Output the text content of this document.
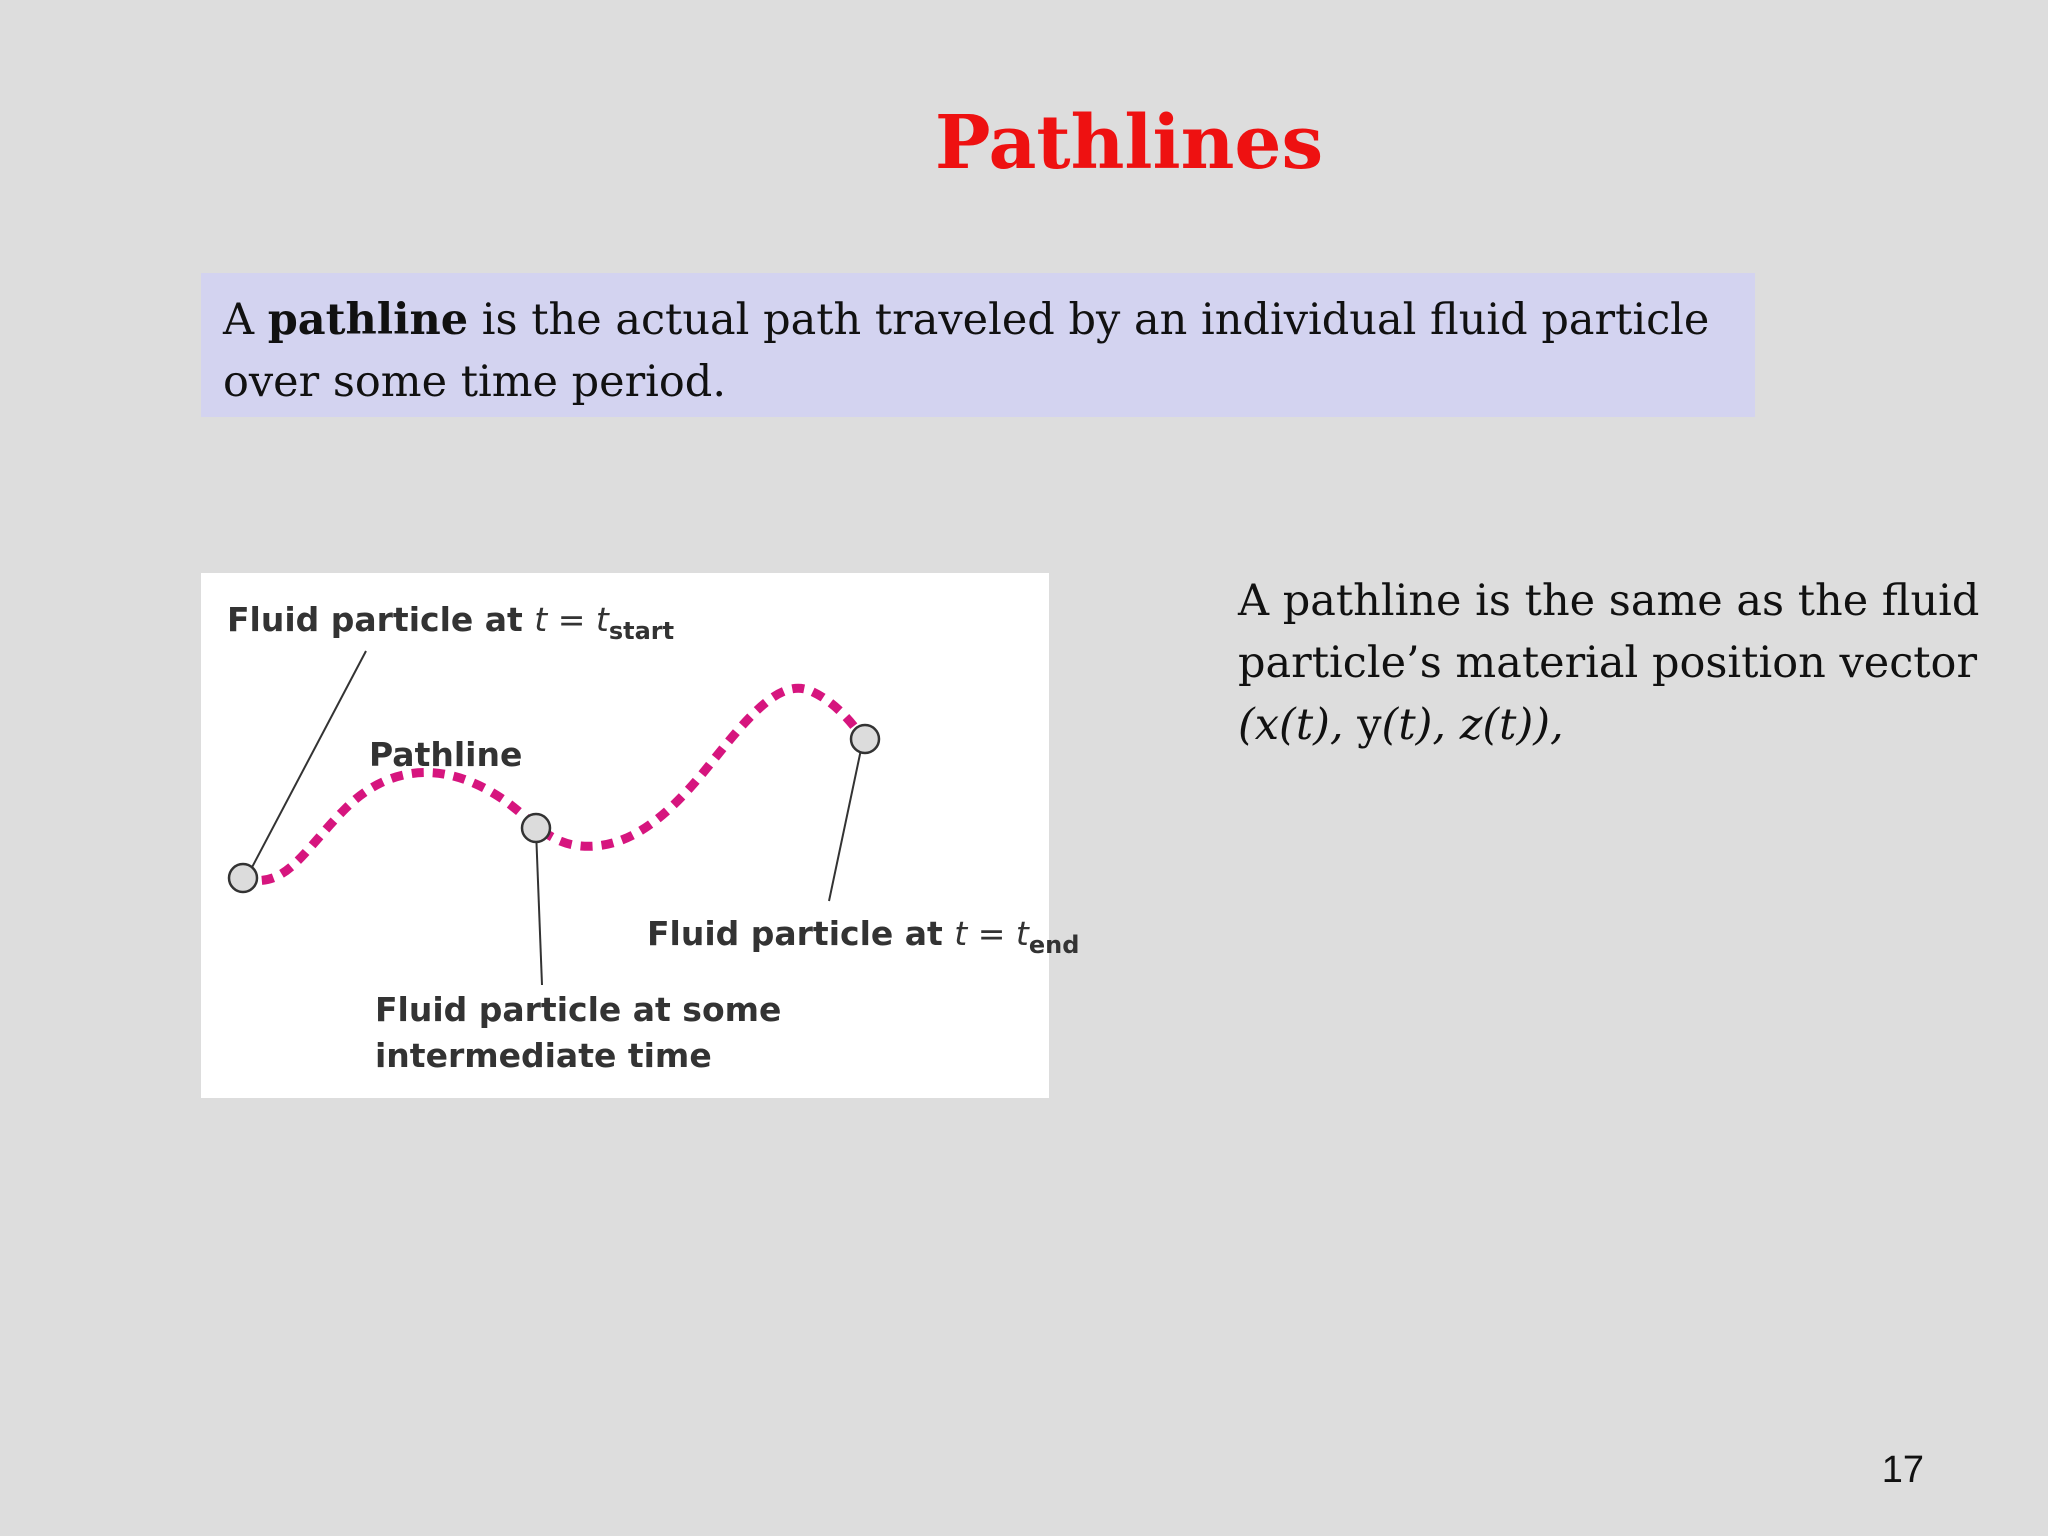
Pathlines
A pathline is the actual path traveled by an individual fluid particle over some time period.
Fluid particle at $t = t_{start}$
Pathline
Fluid particle at $t = t_{end}$
Fluid particle at some
intermediate time
A pathline is the same as the fluid
particle’s material position vector
(x(t), y(t), z(t)),
17
